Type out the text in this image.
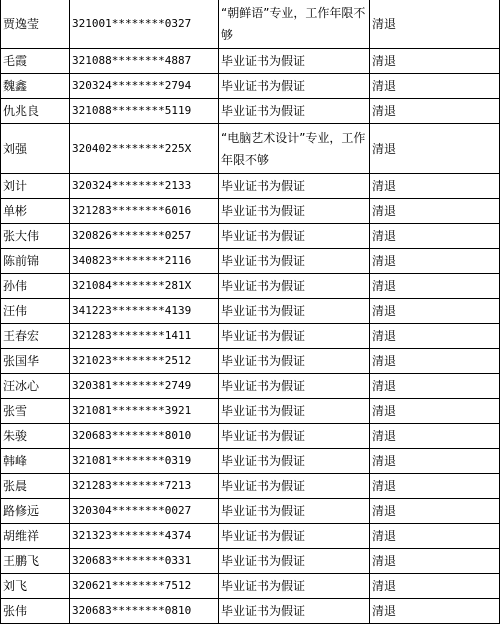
贾逸莹	321001********0327	“朝鲜语”专业，工作年限不够	清退
毛霞	321088********4887	毕业证书为假证	清退
魏鑫	320324********2794	毕业证书为假证	清退
仇兆良	321088********5119	毕业证书为假证	清退
刘强	320402********225X	“电脑艺术设计”专业，工作年限不够	清退
刘计	320324********2133	毕业证书为假证	清退
单彬	321283********6016	毕业证书为假证	清退
张大伟	320826********0257	毕业证书为假证	清退
陈前锦	340823********2116	毕业证书为假证	清退
孙伟	321084********281X	毕业证书为假证	清退
汪伟	341223********4139	毕业证书为假证	清退
王春宏	321283********1411	毕业证书为假证	清退
张国华	321023********2512	毕业证书为假证	清退
汪冰心	320381********2749	毕业证书为假证	清退
张雪	321081********3921	毕业证书为假证	清退
朱骏	320683********8010	毕业证书为假证	清退
韩峰	321081********0319	毕业证书为假证	清退
张晨	321283********7213	毕业证书为假证	清退
路修远	320304********0027	毕业证书为假证	清退
胡维祥	321323********4374	毕业证书为假证	清退
王鹏飞	320683********0331	毕业证书为假证	清退
刘飞	320621********7512	毕业证书为假证	清退
张伟	320683********0810	毕业证书为假证	清退
